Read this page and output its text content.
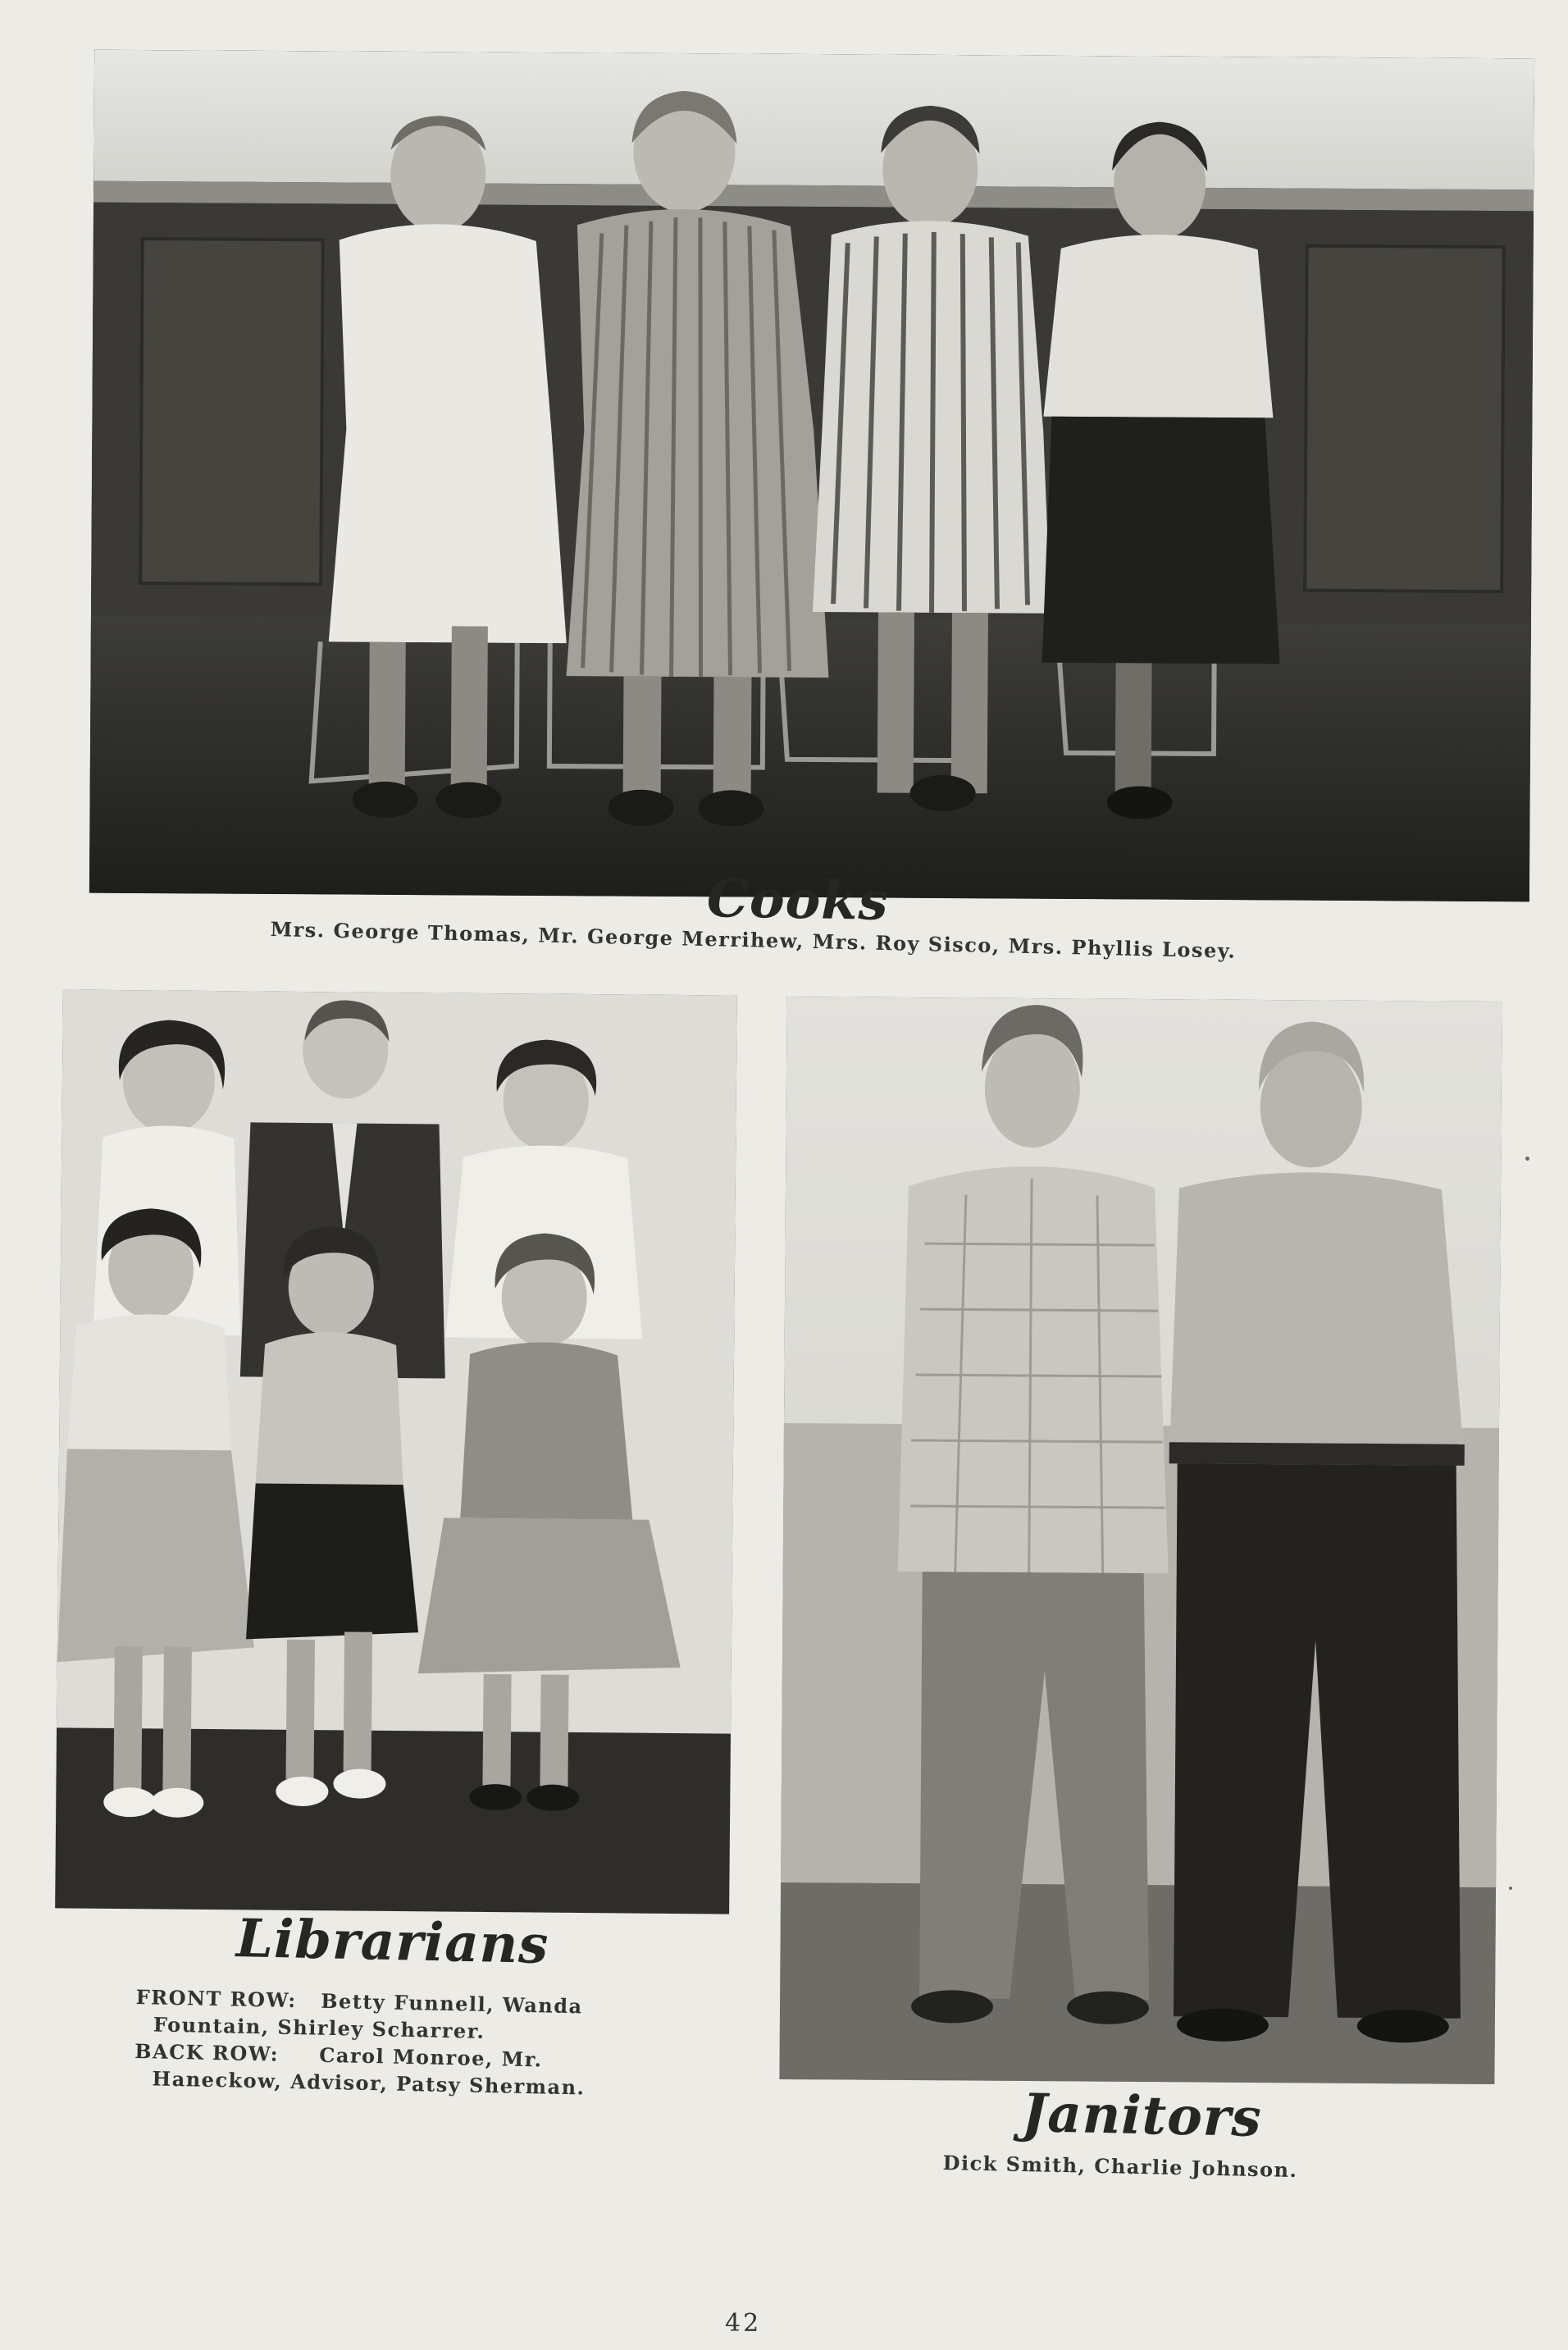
Cooks
Mrs. George Thomas, Mr. George Merrihew, Mrs. Roy Sisco, Mrs. Phyllis Losey.
Librarians
FRONT ROW: Betty Funnell, Wanda
Fountain, Shirley Scharrer.
BACK ROW: Carol Monroe, Mr.
Haneckow, Advisor, Patsy Sherman.	Janitors
Dick Smith, Charlie Johnson.
42
